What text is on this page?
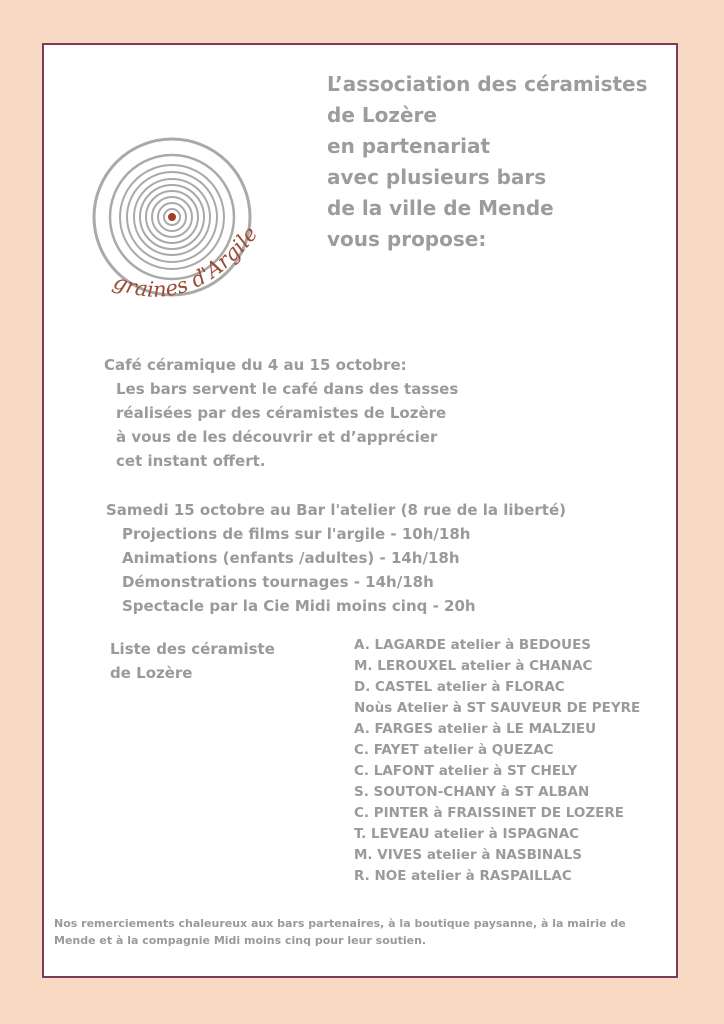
L’association des céramistes
de Lozère
en partenariat
avec plusieurs bars
de la ville de Mende
vous propose:
graines d'Argile
Café céramique du 4 au 15 octobre:
Les bars servent le café dans des tasses
réalisées par des céramistes de Lozère
à vous de les découvrir et d’apprécier
cet instant offert.
Samedi 15 octobre au Bar l'atelier (8 rue de la liberté)
Projections de films sur l'argile - 10h/18h
Animations (enfants /adultes) - 14h/18h
Démonstrations tournages - 14h/18h
Spectacle par la Cie Midi moins cinq - 20h
Liste des céramiste
de Lozère
A. LAGARDE atelier à BEDOUES
M. LEROUXEL atelier à CHANAC
D. CASTEL atelier à FLORAC
Noùs Atelier à ST SAUVEUR DE PEYRE
A. FARGES atelier à LE MALZIEU
C. FAYET atelier à QUEZAC
C. LAFONT atelier à ST CHELY
S. SOUTON-CHANY à ST ALBAN
C. PINTER à FRAISSINET DE LOZERE
T. LEVEAU atelier à ISPAGNAC
M. VIVES atelier à NASBINALS
R. NOE atelier à RASPAILLAC
Nos remerciements chaleureux aux bars partenaires, à la boutique paysanne, à la mairie de Mende et à la compagnie Midi moins cinq pour leur soutien.
